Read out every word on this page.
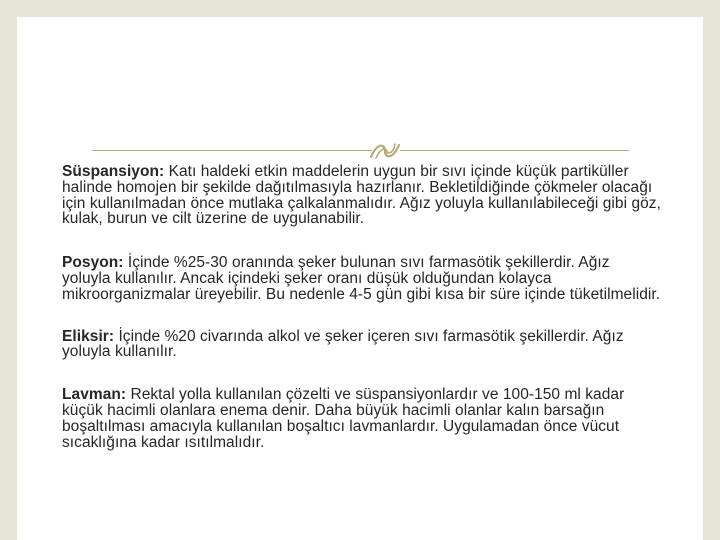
Süspansiyon: Katı haldeki etkin maddelerin uygun bir sıvı içinde küçük partiküller halinde homojen bir şekilde dağıtılmasıyla hazırlanır. Bekletildiğinde çökmeler olacağı için kullanılmadan önce mutlaka çalkalanmalıdır. Ağız yoluyla kullanılabileceği gibi göz, kulak, burun ve cilt üzerine de uygulanabilir.

Posyon: İçinde %25-30 oranında şeker bulunan sıvı farmasötik şekillerdir. Ağız yoluyla kullanılır. Ancak içindeki şeker oranı düşük olduğundan kolayca mikroorganizmalar üreyebilir. Bu nedenle 4-5 gün gibi kısa bir süre içinde tüketilmelidir.

Eliksir: İçinde %20 civarında alkol ve şeker içeren sıvı farmasötik şekillerdir. Ağız yoluyla kullanılır.

Lavman: Rektal yolla kullanılan çözelti ve süspansiyonlardır ve 100-150 ml kadar küçük hacimli olanlara enema denir. Daha büyük hacimli olanlar kalın barsağın boşaltılması amacıyla kullanılan boşaltıcı lavmanlardır. Uygulamadan önce vücut sıcaklığına kadar ısıtılmalıdır.
